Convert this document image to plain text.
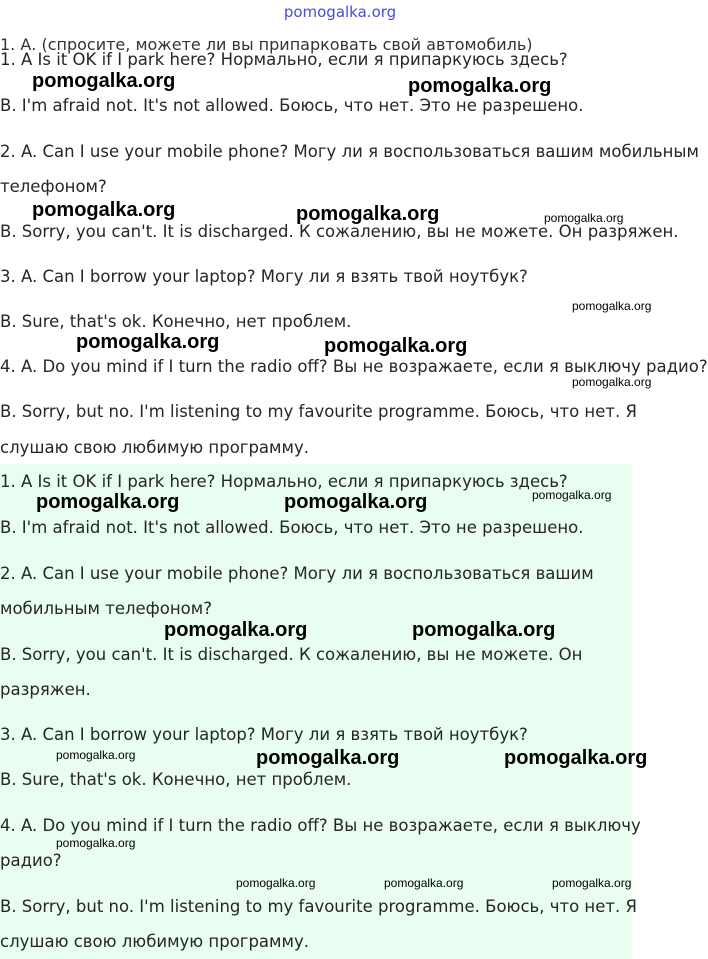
pomogalka.org
1. А. (спросите, можете ли вы припарковать свой автомобиль)
1. A Is it OK if I park here? Нормально, если я припаркуюсь здесь?
B. I'm afraid not. It's not allowed. Боюсь, что нет. Это не разрешено.
2. A. Can I use your mobile phone? Могу ли я воспользоваться вашим мобильным
телефоном?
B. Sorry, you can't. It is discharged. К сожалению, вы не можете. Он разряжен.
3. A. Can I borrow your laptop? Могу ли я взять твой ноутбук?
B. Sure, that's ok. Конечно, нет проблем.
4. A. Do you mind if I turn the radio off? Вы не возражаете, если я выключу радио?
B. Sorry, but no. I'm listening to my favourite programme. Боюсь, что нет. Я
слушаю свою любимую программу.
1. A Is it OK if I park here? Нормально, если я припаркуюсь здесь?
B. I'm afraid not. It's not allowed. Боюсь, что нет. Это не разрешено.
2. A. Can I use your mobile phone? Могу ли я воспользоваться вашим
мобильным телефоном?
B. Sorry, you can't. It is discharged. К сожалению, вы не можете. Он
разряжен.
3. A. Can I borrow your laptop? Могу ли я взять твой ноутбук?
B. Sure, that's ok. Конечно, нет проблем.
4. A. Do you mind if I turn the radio off? Вы не возражаете, если я выключу
радио?
B. Sorry, but no. I'm listening to my favourite programme. Боюсь, что нет. Я
слушаю свою любимую программу.
pomogalka.org	pomogalka.org
pomogalka.org	pomogalka.org	pomogalka.org
pomogalka.org
pomogalka.org	pomogalka.org
pomogalka.org
pomogalka.org	pomogalka.org	pomogalka.org
pomogalka.org	pomogalka.org
pomogalka.org	pomogalka.org	pomogalka.org
pomogalka.org
pomogalka.org	pomogalka.org	pomogalka.org
